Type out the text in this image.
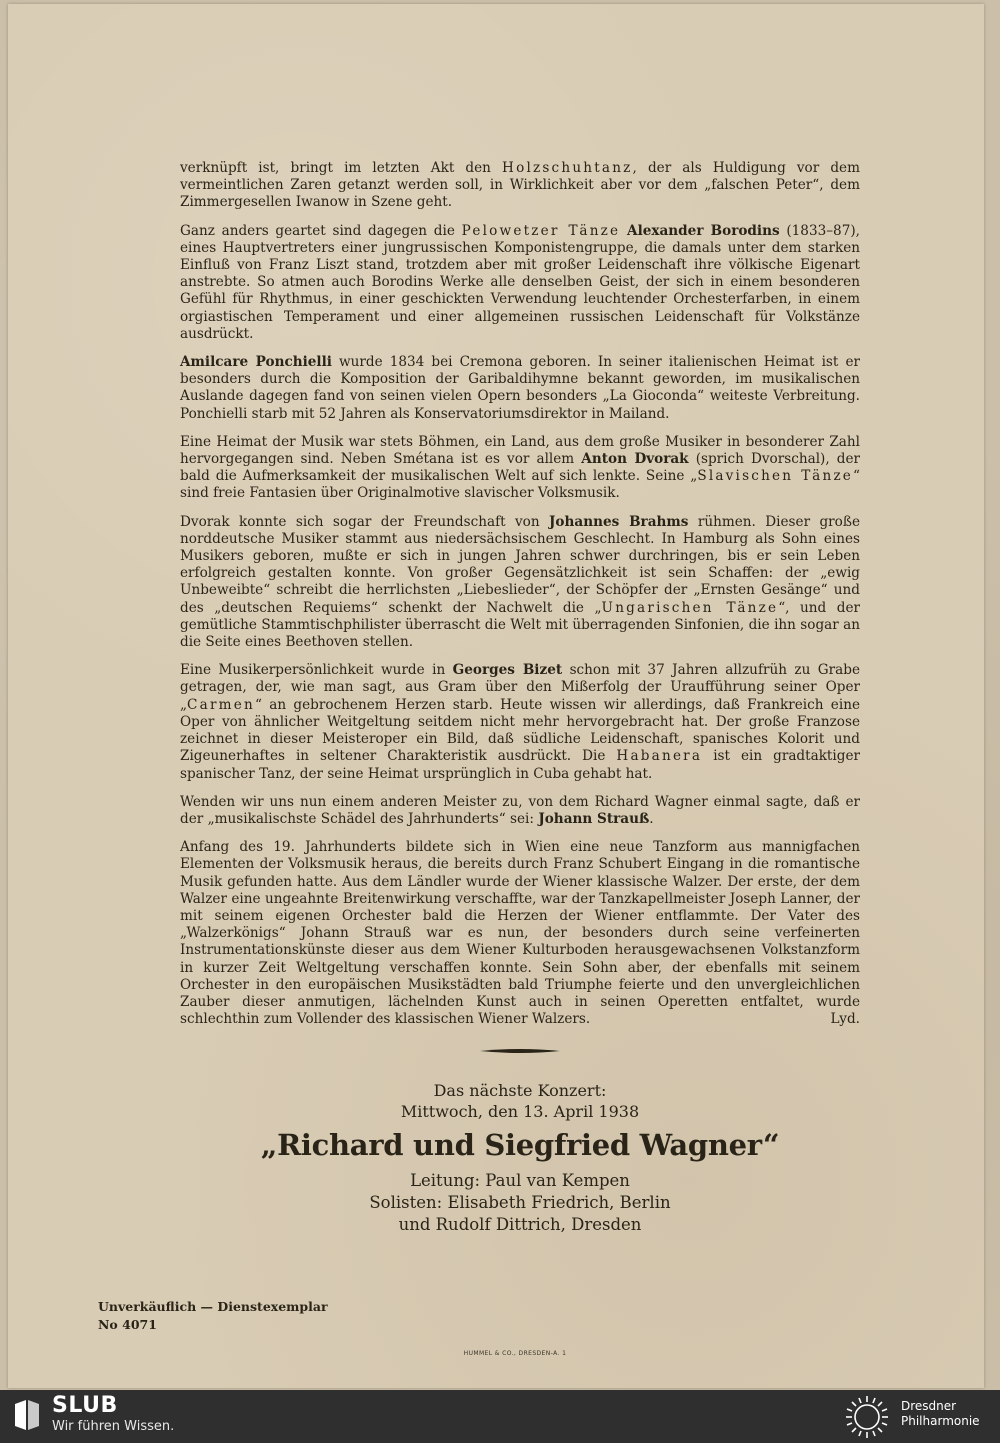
verknüpft ist, bringt im letzten Akt den Holzschuhtanz, der als Huldigung vor dem vermeintlichen Zaren getanzt werden soll, in Wirklichkeit aber vor dem „falschen Peter“, dem Zimmergesellen Iwanow in Szene geht.

Ganz anders geartet sind dagegen die Pelowetzer Tänze Alexander Borodins (1833–87), eines Hauptvertreters einer jungrussischen Komponistengruppe, die damals unter dem starken Einfluß von Franz Liszt stand, trotzdem aber mit großer Leidenschaft ihre völkische Eigenart anstrebte. So atmen auch Borodins Werke alle denselben Geist, der sich in einem besonderen Gefühl für Rhythmus, in einer geschickten Verwendung leuchtender Orchesterfarben, in einem orgiastischen Temperament und einer allgemeinen russischen Leidenschaft für Volkstänze ausdrückt.

Amilcare Ponchielli wurde 1834 bei Cremona geboren. In seiner italienischen Heimat ist er besonders durch die Komposition der Garibaldihymne bekannt geworden, im musikalischen Auslande dagegen fand von seinen vielen Opern besonders „La Gioconda“ weiteste Verbreitung. Ponchielli starb mit 52 Jahren als Konservatoriumsdirektor in Mailand.

Eine Heimat der Musik war stets Böhmen, ein Land, aus dem große Musiker in besonderer Zahl hervorgegangen sind. Neben Smétana ist es vor allem Anton Dvorak (sprich Dvorschal), der bald die Aufmerksamkeit der musikalischen Welt auf sich lenkte. Seine „Slavischen Tänze“ sind freie Fantasien über Originalmotive slavischer Volksmusik.

Dvorak konnte sich sogar der Freundschaft von Johannes Brahms rühmen. Dieser große norddeutsche Musiker stammt aus niedersächsischem Geschlecht. In Hamburg als Sohn eines Musikers geboren, mußte er sich in jungen Jahren schwer durchringen, bis er sein Leben erfolgreich gestalten konnte. Von großer Gegensätzlichkeit ist sein Schaffen: der „ewig Unbeweibte“ schreibt die herrlichsten „Liebeslieder“, der Schöpfer der „Ernsten Gesänge“ und des „deutschen Requiems“ schenkt der Nachwelt die „Ungarischen Tänze“, und der gemütliche Stammtischphilister überrascht die Welt mit überragenden Sinfonien, die ihn sogar an die Seite eines Beethoven stellen.

Eine Musikerpersönlichkeit wurde in Georges Bizet schon mit 37 Jahren allzufrüh zu Grabe getragen, der, wie man sagt, aus Gram über den Mißerfolg der Uraufführung seiner Oper „Carmen“ an gebrochenem Herzen starb. Heute wissen wir allerdings, daß Frankreich eine Oper von ähnlicher Weitgeltung seitdem nicht mehr hervorgebracht hat. Der große Franzose zeichnet in dieser Meisteroper ein Bild, daß südliche Leidenschaft, spanisches Kolorit und Zigeunerhaftes in seltener Charakteristik ausdrückt. Die Habanera ist ein gradtaktiger spanischer Tanz, der seine Heimat ursprünglich in Cuba gehabt hat.

Wenden wir uns nun einem anderen Meister zu, von dem Richard Wagner einmal sagte, daß er der „musikalischste Schädel des Jahrhunderts“ sei: Johann Strauß.

Anfang des 19. Jahrhunderts bildete sich in Wien eine neue Tanzform aus mannigfachen Elementen der Volksmusik heraus, die bereits durch Franz Schubert Eingang in die romantische Musik gefunden hatte. Aus dem Ländler wurde der Wiener klassische Walzer. Der erste, der dem Walzer eine ungeahnte Breitenwirkung verschaffte, war der Tanzkapellmeister Joseph Lanner, der mit seinem eigenen Orchester bald die Herzen der Wiener entflammte. Der Vater des „Walzerkönigs“ Johann Strauß war es nun, der besonders durch seine verfeinerten Instrumentationskünste dieser aus dem Wiener Kulturboden herausgewachsenen Volkstanzform in kurzer Zeit Weltgeltung verschaffen konnte. Sein Sohn aber, der ebenfalls mit seinem Orchester in den europäischen Musikstädten bald Triumphe feierte und den unvergleichlichen Zauber dieser anmutigen, lächelnden Kunst auch in seinen Operetten entfaltet, wurde schlechthin zum Vollender des klassischen Wiener Walzers.	Lyd.

Das nächste Konzert:
Mittwoch, den 13. April 1938
„Richard und Siegfried Wagner“
Leitung: Paul van Kempen
Solisten: Elisabeth Friedrich, Berlin
und Rudolf Dittrich, Dresden
Unverkäuflich — Dienstexemplar
No 4071
HUMMEL & CO., DRESDEN-A. 1
SLUB
Wir führen Wissen.
Dresdner
Philharmonie
